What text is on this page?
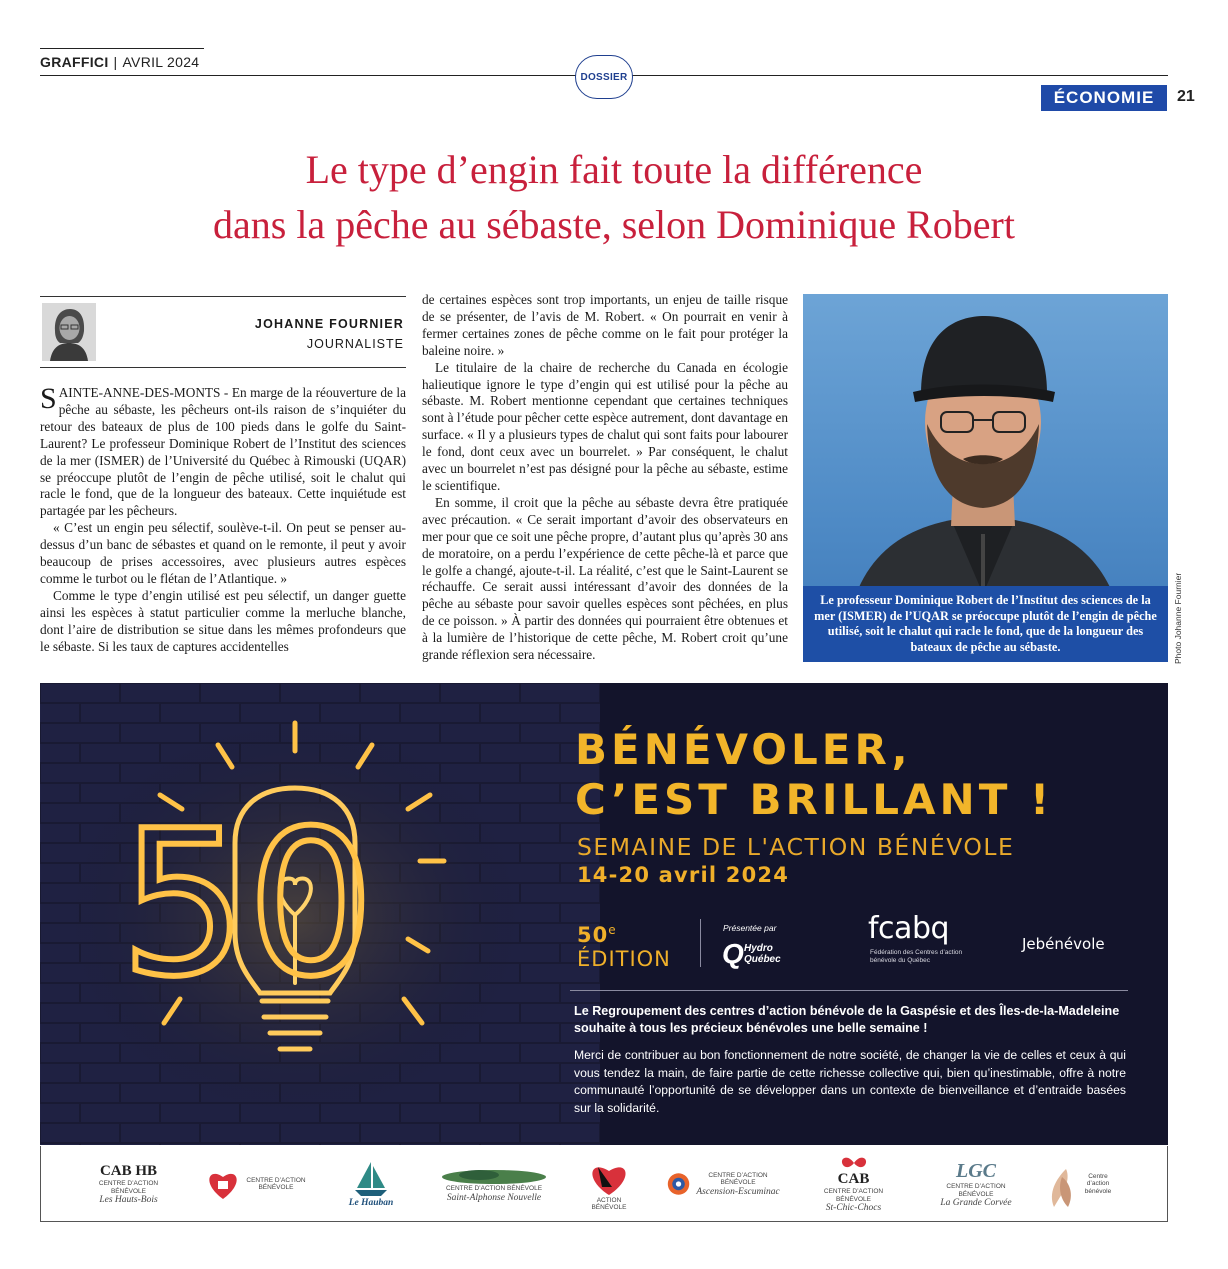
GRAFFICI | AVRIL 2024
DOSSIER
ÉCONOMIE	21
Le type d’engin fait toute la différence
dans la pêche au sébaste, selon Dominique Robert
JOHANNE FOURNIER
JOURNALISTE

SAINTE-ANNE-DES-MONTS - En marge de la réouverture de la pêche au sébaste, les pêcheurs ont-ils raison de s’inquiéter du retour des bateaux de plus de 100 pieds dans le golfe du Saint-Laurent? Le professeur Dominique Robert de l’Institut des sciences de la mer (ISMER) de l’Université du Québec à Rimouski (UQAR) se préoccupe plutôt de l’engin de pêche utilisé, soit le chalut qui racle le fond, que de la longueur des bateaux. Cette inquiétude est partagée par les pêcheurs.

« C’est un engin peu sélectif, soulève-t-il. On peut se penser au-dessus d’un banc de sébastes et quand on le remonte, il peut y avoir beaucoup de prises accessoires, avec plusieurs autres espèces comme le turbot ou le flétan de l’Atlantique. »

Comme le type d’engin utilisé est peu sélectif, un danger guette ainsi les espèces à statut particulier comme la merluche blanche, dont l’aire de distribution se situe dans les mêmes profondeurs que le sébaste. Si les taux de captures accidentelles

de certaines espèces sont trop importants, un enjeu de taille risque de se présenter, de l’avis de M. Robert. « On pourrait en venir à fermer certaines zones de pêche comme on le fait pour protéger la baleine noire. »

Le titulaire de la chaire de recherche du Canada en écologie halieutique ignore le type d’engin qui est utilisé pour la pêche au sébaste. M. Robert mentionne cependant que certaines techniques sont à l’étude pour pêcher cette espèce autrement, dont davantage en surface. « Il y a plusieurs types de chalut qui sont faits pour labourer le fond, dont ceux avec un bourrelet. » Par conséquent, le chalut avec un bourrelet n’est pas désigné pour la pêche au sébaste, estime le scientifique.

En somme, il croit que la pêche au sébaste devra être pratiquée avec précaution. « Ce serait important d’avoir des observateurs en mer pour que ce soit une pêche propre, d’autant plus qu’après 30 ans de moratoire, on a perdu l’expérience de cette pêche-là et parce que le golfe a changé, ajoute-t-il. La réalité, c’est que le Saint-Laurent se réchauffe. Ce serait aussi intéressant d’avoir des données de la pêche au sébaste pour savoir quelles espèces sont pêchées, en plus de ce poisson. » À partir des données qui pourraient être obtenues et à la lumière de l’historique de cette pêche, M. Robert croit qu’une grande réflexion sera nécessaire.

Le professeur Dominique Robert de l’Institut des sciences de la mer (ISMER) de l’UQAR se préoccupe plutôt de l’engin de pêche utilisé, soit le chalut qui racle le fond, que de la longueur des bateaux de pêche au sébaste.	Photo Johanne Fournier
50
BÉNÉVOLER,
C’EST BRILLANT !
SEMAINE DE L'ACTION BÉNÉVOLE
14-20 avril 2024
50e
ÉDITION
Présentée par
Q Hydro
Québec
fcabq
Fédération des Centres d’action bénévole du Québec
Jebénévole
Le Regroupement des centres d’action bénévole de la Gaspésie et des Îles-de-la-Madeleine souhaite à tous les précieux bénévoles une belle semaine !
Merci de contribuer au bon fonctionnement de notre société, de changer la vie de celles et ceux à qui vous tendez la main, de faire partie de cette richesse collective qui, bien qu’inestimable, offre à notre communauté l’opportunité de se développer dans un contexte de bienveillance et d’entraide basées sur la solidarité.
CAB HB
CENTRE D’ACTION BÉNÉVOLE
Les Hauts-Bois
CENTRE D’ACTION BÉNÉVOLE
Le Hauban
CENTRE D’ACTION BÉNÉVOLE
Saint-Alphonse Nouvelle	ACTION BÉNÉVOLE
CENTRE D’ACTION BÉNÉVOLE
Ascension-Escuminac
CAB
CENTRE D’ACTION BÉNÉVOLE
St-Chic-Chocs
LGC
CENTRE D’ACTION BÉNÉVOLE
La Grande Corvée
Centre d’action bénévole
